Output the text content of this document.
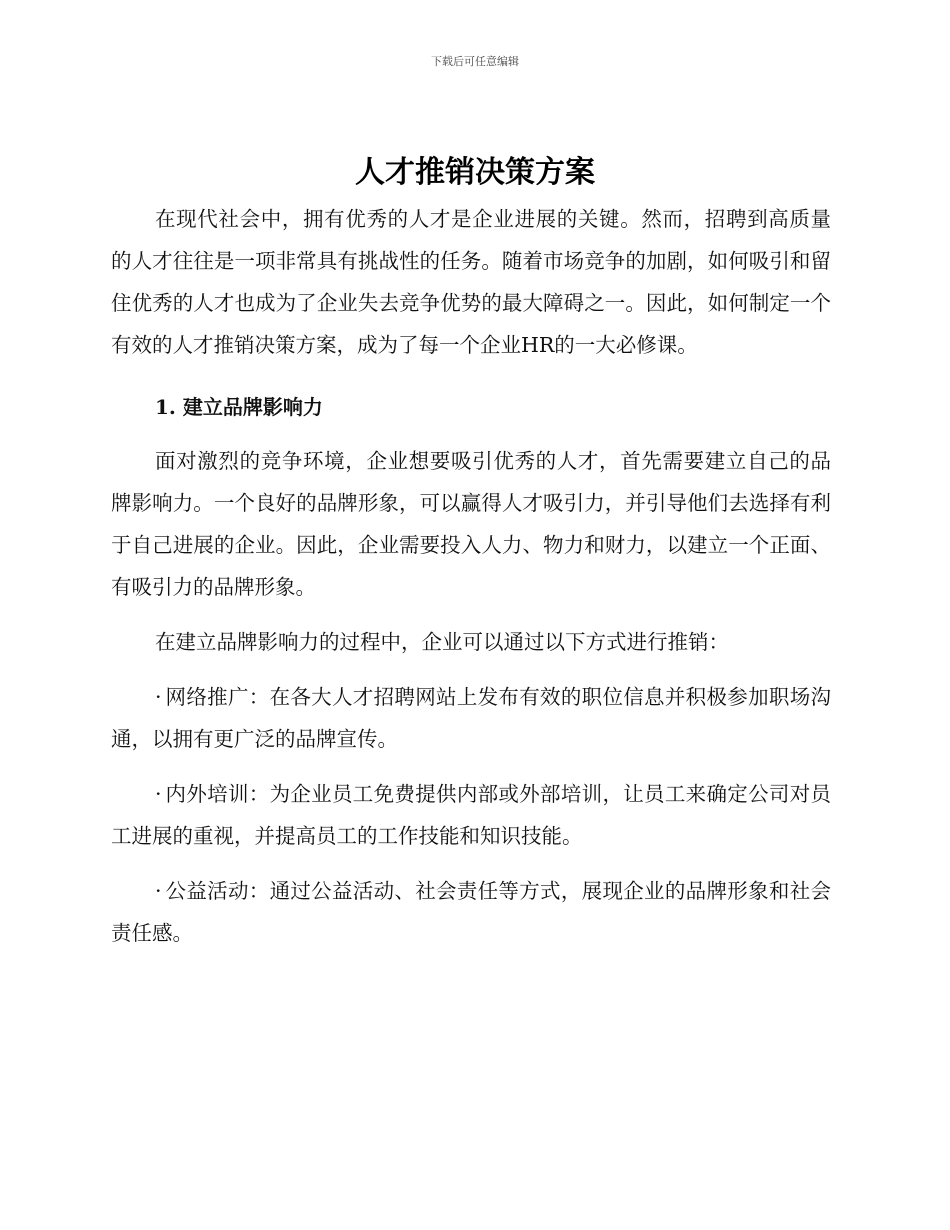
下载后可任意编辑
人才推销决策方案

在现代社会中，拥有优秀的人才是企业进展的关键。然而，招聘到高质量的人才往往是一项非常具有挑战性的任务。随着市场竞争的加剧，如何吸引和留住优秀的人才也成为了企业失去竞争优势的最大障碍之一。因此，如何制定一个有效的人才推销决策方案，成为了每一个企业HR的一大必修课。

1. 建立品牌影响力

面对激烈的竞争环境，企业想要吸引优秀的人才，首先需要建立自己的品牌影响力。一个良好的品牌形象，可以赢得人才吸引力，并引导他们去选择有利于自己进展的企业。因此，企业需要投入人力、物力和财力，以建立一个正面、有吸引力的品牌形象。

在建立品牌影响力的过程中，企业可以通过以下方式进行推销：

· 网络推广：在各大人才招聘网站上发布有效的职位信息并积极参加职场沟通，以拥有更广泛的品牌宣传。

· 内外培训：为企业员工免费提供内部或外部培训，让员工来确定公司对员工进展的重视，并提高员工的工作技能和知识技能。

· 公益活动：通过公益活动、社会责任等方式，展现企业的品牌形象和社会责任感。
